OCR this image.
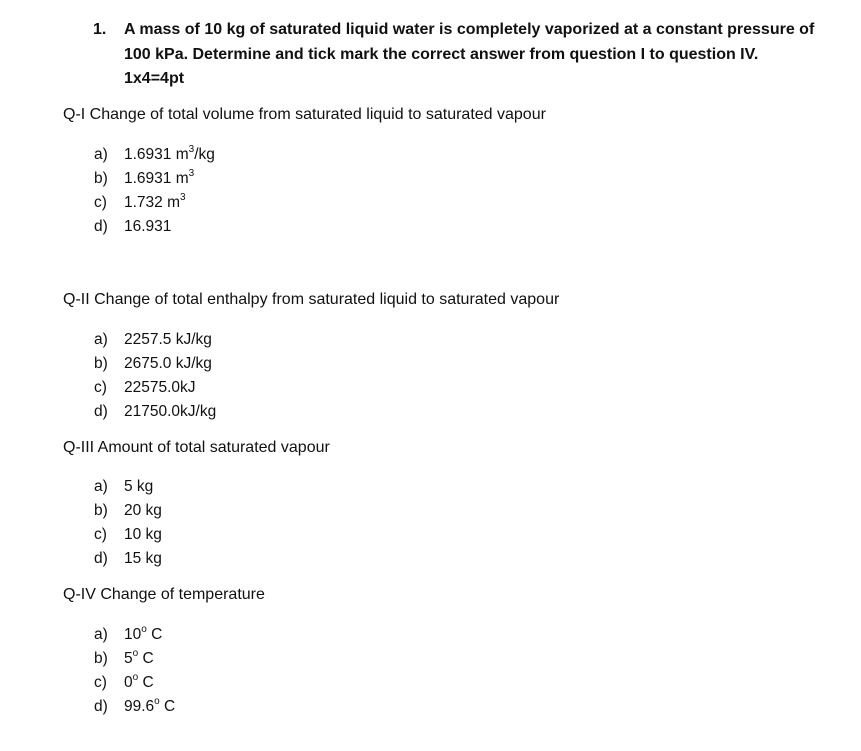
1. A mass of 10 kg of saturated liquid water is completely vaporized at a constant pressure of
100 kPa. Determine and tick mark the correct answer from question I to question IV.
1x4=4pt
Q-I Change of total volume from saturated liquid to saturated vapour
a) 1.6931 $m^3/kg$
b) 1.6931 $m^3$
c) 1.732 $m^3$
d) 16.931
Q-II Change of total enthalpy from saturated liquid to saturated vapour
a) 2257.5 kJ/kg
b) 2675.0 kJ/kg
c) 22575.0kJ
d) 21750.0kJ/kg
Q-III Amount of total saturated vapour
a) 5 kg
b) 20 kg
c) 10 kg
d) 15 kg
Q-IV Change of temperature
a) 10$^o$ C
b) 5$^o$ C
c) 0$^o$ C
d) 99.6$^o$ C
